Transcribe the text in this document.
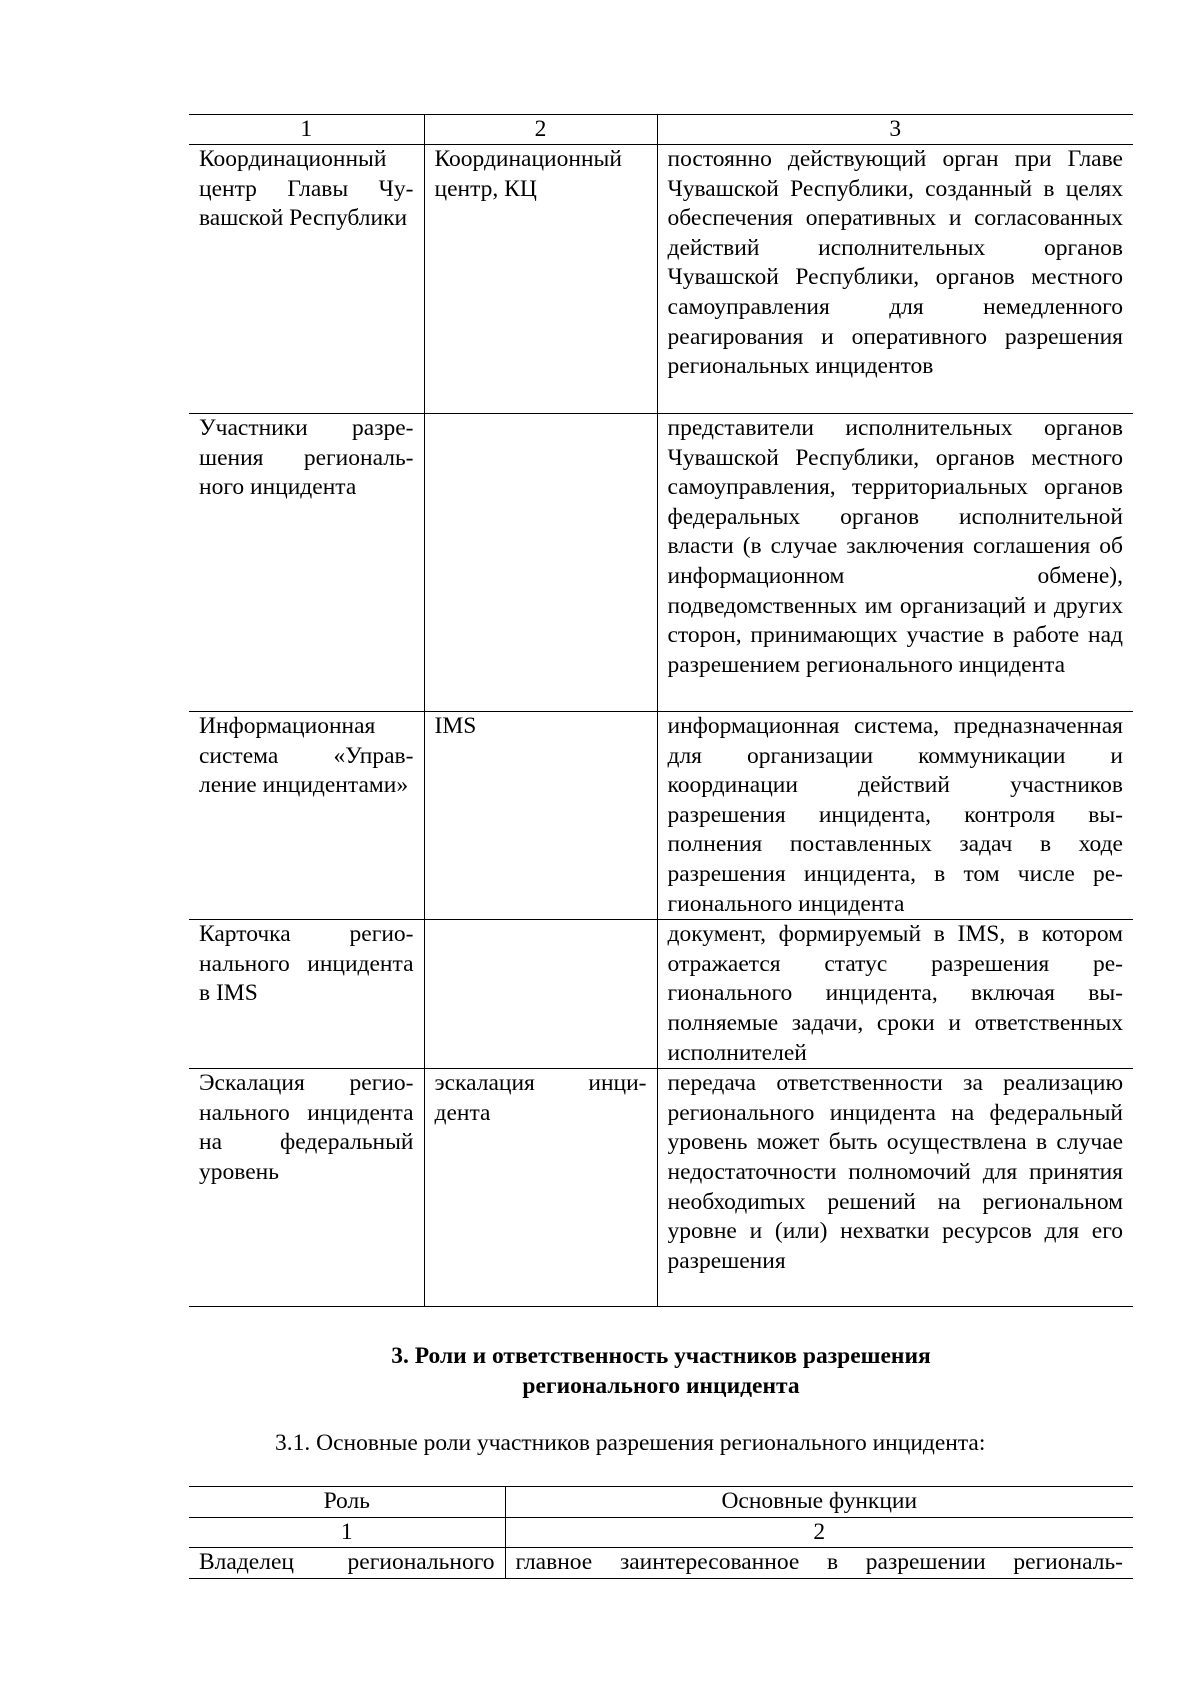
1	2	3
Координационный центр Главы Чувашской Республики	Координационный центр, КЦ	постоянно действующий орган при Главе Чувашской Республики, созданный в целях обеспечения оперативных и согласованных действий исполнительных органов Чувашской Республики, органов местного самоуправления для немедленного реагирования и оперативного разрешения региональных инцидентов
Участники разрешения регионального инцидента		представители исполнительных органов Чувашской Республики, органов местного самоуправления, территориальных органов федеральных органов исполнительной власти (в случае заключения соглашения об информационном обмене), подведомственных им организаций и других сторон, принимающих участие в работе над разрешением регионального инцидента
Информационная система «Управление инцидентами»	IMS	информационная система, предназначенная для организации коммуникации и координации действий участников разрешения инцидента, контроля выполнения поставленных задач в ходе разрешения инцидента, в том числе регионального инцидента
Карточка регионального инцидента в IMS		документ, формируемый в IMS, в котором отражается статус разрешения регионального инцидента, включая выполняемые задачи, сроки и ответственных исполнителей
Эскалация регионального инцидента на федеральный уровень	эскалация инцидента	передача ответственности за реализацию регионального инцидента на федеральный уровень может быть осуществлена в случае недостаточности полномочий для принятия необходиmых решений на региональном уровне и (или) нехватки ресурсов для его разрешения
3. Роли и ответственность участников разрешения
регионального инцидента
3.1. Основные роли участников разрешения регионального инцидента:
Роль	Основные функции
1	2
Владелец регионального	главное заинтересованное в разрешении региональ-
